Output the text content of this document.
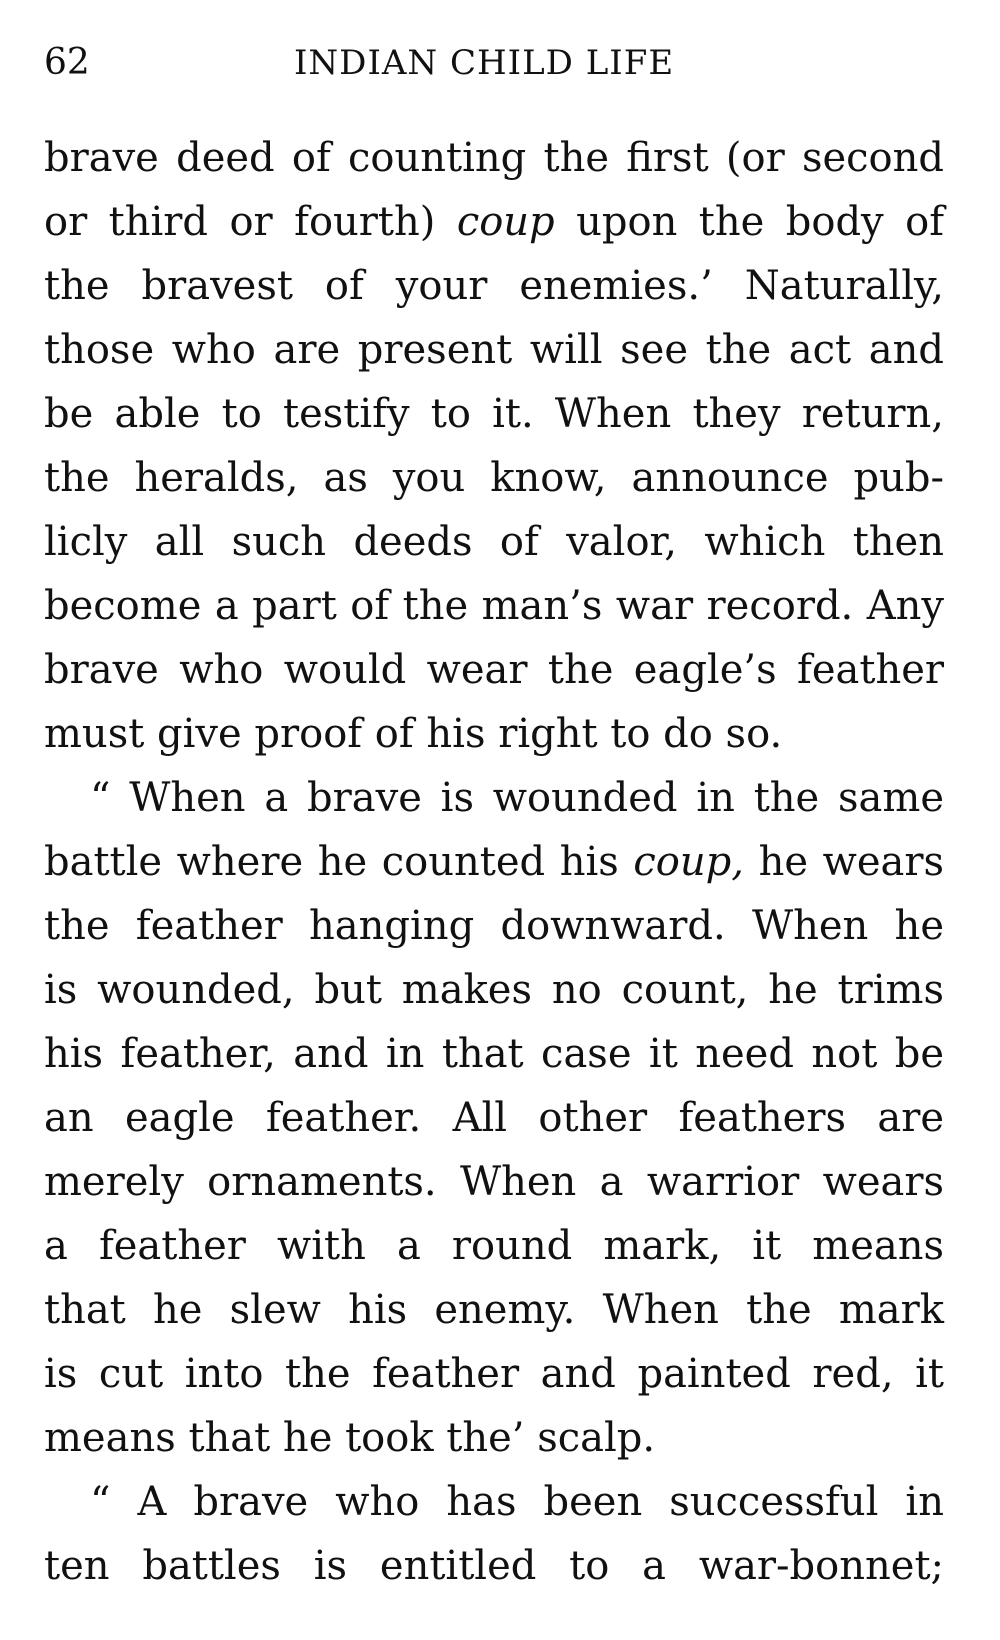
62	INDIAN CHILD LIFE
brave deed of counting the first (or second
or third or fourth) coup upon the body of
the bravest of your enemies.’ Naturally,
those who are present will see the act and
be able to testify to it. When they return,
the heralds, as you know, announce pub-
licly all such deeds of valor, which then
become a part of the man’s war record. Any
brave who would wear the eagle’s feather
must give proof of his right to do so.
“ When a brave is wounded in the same
battle where he counted his coup, he wears
the feather hanging downward. When he
is wounded, but makes no count, he trims
his feather, and in that case it need not be
an eagle feather. All other feathers are
merely ornaments. When a warrior wears
a feather with a round mark, it means
that he slew his enemy. When the mark
is cut into the feather and painted red, it
means that he took the’ scalp.
“ A brave who has been successful in
ten battles is entitled to a war-bonnet;
